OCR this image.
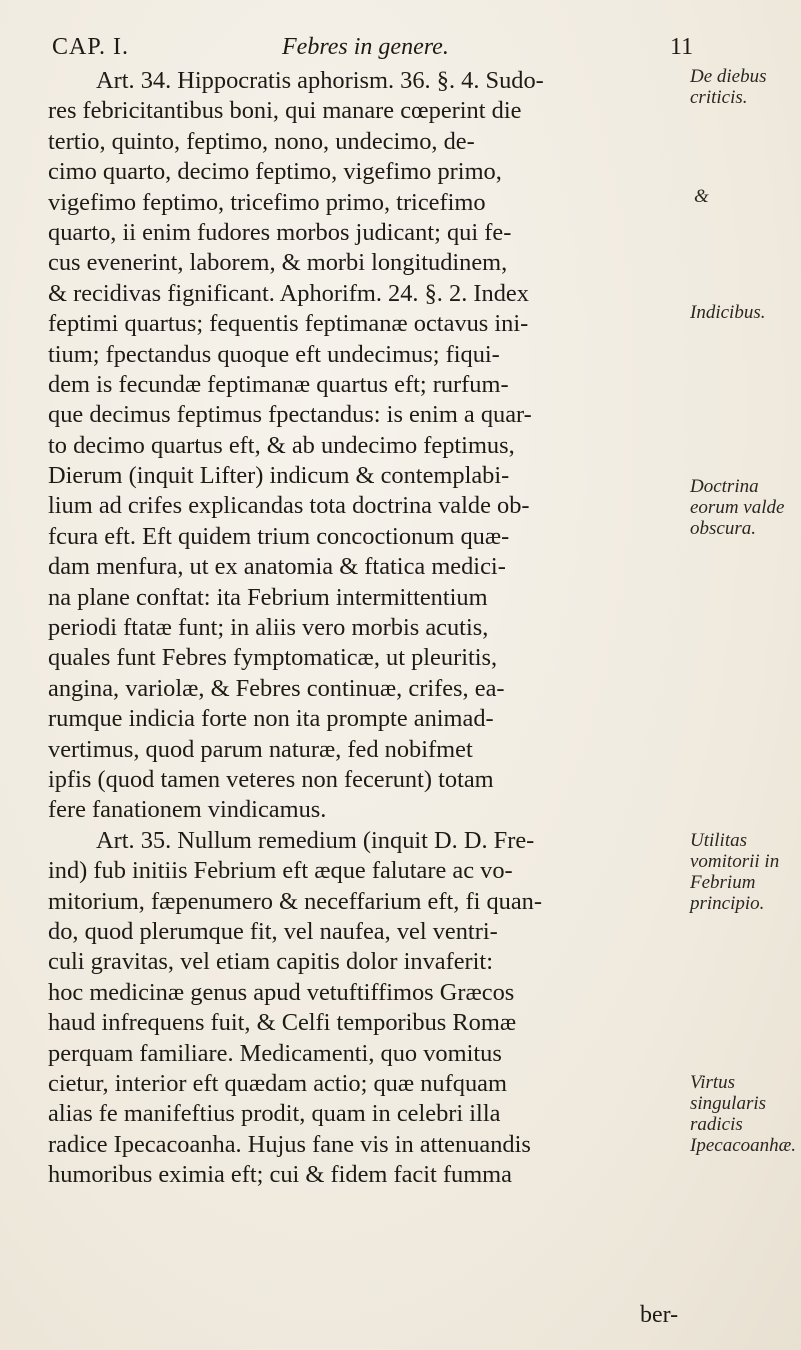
CAP. I.	Febres in genere.	11
Art. 34. Hippocratis aphorism. 36. §. 4. Sudo-
res febricitantibus boni, qui manare cœperint die
tertio, quinto, feptimo, nono, undecimo, de-
cimo quarto, decimo feptimo, vigefimo primo,
vigefimo feptimo, tricefimo primo, tricefimo
quarto, ii enim fudores morbos judicant; qui fe-
cus evenerint, laborem, & morbi longitudinem,
& recidivas fignificant. Aphorifm. 24. §. 2. Index
feptimi quartus; fequentis feptimanæ octavus ini-
tium; fpectandus quoque eft undecimus; fiqui-
dem is fecundæ feptimanæ quartus eft; rurfum-
que decimus feptimus fpectandus: is enim a quar-
to decimo quartus eft, & ab undecimo feptimus,
Dierum (inquit Lifter) indicum & contemplabi-
lium ad crifes explicandas tota doctrina valde ob-
fcura eft. Eft quidem trium concoctionum quæ-
dam menfura, ut ex anatomia & ftatica medici-
na plane conftat: ita Febrium intermittentium
periodi ftatæ funt; in aliis vero morbis acutis,
quales funt Febres fymptomaticæ, ut pleuritis,
angina, variolæ, & Febres continuæ, crifes, ea-
rumque indicia forte non ita prompte animad-
vertimus, quod parum naturæ, fed nobifmet
ipfis (quod tamen veteres non fecerunt) totam
fere fanationem vindicamus.
Art. 35. Nullum remedium (inquit D. D. Fre-
ind) fub initiis Febrium eft æque falutare ac vo-
mitorium, fæpenumero & neceffarium eft, fi quan-
do, quod plerumque fit, vel naufea, vel ventri-
culi gravitas, vel etiam capitis dolor invaferit:
hoc medicinæ genus apud vetuftiffimos Græcos
haud infrequens fuit, & Celfi temporibus Romæ
perquam familiare. Medicamenti, quo vomitus
cietur, interior eft quædam actio; quæ nufquam
alias fe manifeftius prodit, quam in celebri illa
radice Ipecacoanha. Hujus fane vis in attenuandis
humoribus eximia eft; cui & fidem facit fumma
De diebus criticis.
&
Indicibus.
Doctrina eorum valde obscura.
Utilitas vomitorii in Febrium principio.
Virtus singularis radicis Ipecacoanhæ.
ber-
